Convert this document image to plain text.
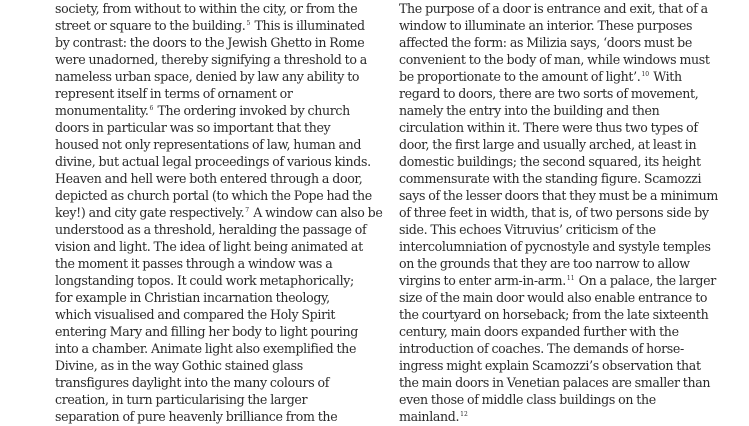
society, from without to within the city, or from the
street or square to the building.$^5$ This is illuminated
by contrast: the doors to the Jewish Ghetto in Rome
were unadorned, thereby signifying a threshold to a
nameless urban space, denied by law any ability to
represent itself in terms of ornament or
monumentality.$^6$ The ordering invoked by church
doors in particular was so important that they
housed not only representations of law, human and
divine, but actual legal proceedings of various kinds.
Heaven and hell were both entered through a door,
depicted as church portal (to which the Pope had the
key!) and city gate respectively.$^7$ A window can also be
understood as a threshold, heralding the passage of
vision and light. The idea of light being animated at
the moment it passes through a window was a
longstanding topos. It could work metaphorically;
for example in Christian incarnation theology,
which visualised and compared the Holy Spirit
entering Mary and filling her body to light pouring
into a chamber. Animate light also exemplified the
Divine, as in the way Gothic stained glass
transfigures daylight into the many colours of
creation, in turn particularising the larger
separation of pure heavenly brilliance from the
The purpose of a door is entrance and exit, that of a
window to illuminate an interior. These purposes
affected the form: as Milizia says, ‘doors must be
convenient to the body of man, while windows must
be proportionate to the amount of light’.$^{10}$ With
regard to doors, there are two sorts of movement,
namely the entry into the building and then
circulation within it. There were thus two types of
door, the first large and usually arched, at least in
domestic buildings; the second squared, its height
commensurate with the standing figure. Scamozzi
says of the lesser doors that they must be a minimum
of three feet in width, that is, of two persons side by
side. This echoes Vitruvius’ criticism of the
intercolumniation of pycnostyle and systyle temples
on the grounds that they are too narrow to allow
virgins to enter arm-in-arm.$^{11}$ On a palace, the larger
size of the main door would also enable entrance to
the courtyard on horseback; from the late sixteenth
century, main doors expanded further with the
introduction of coaches. The demands of horse-
ingress might explain Scamozzi’s observation that
the main doors in Venetian palaces are smaller than
even those of middle class buildings on the
mainland.$^{12}$
